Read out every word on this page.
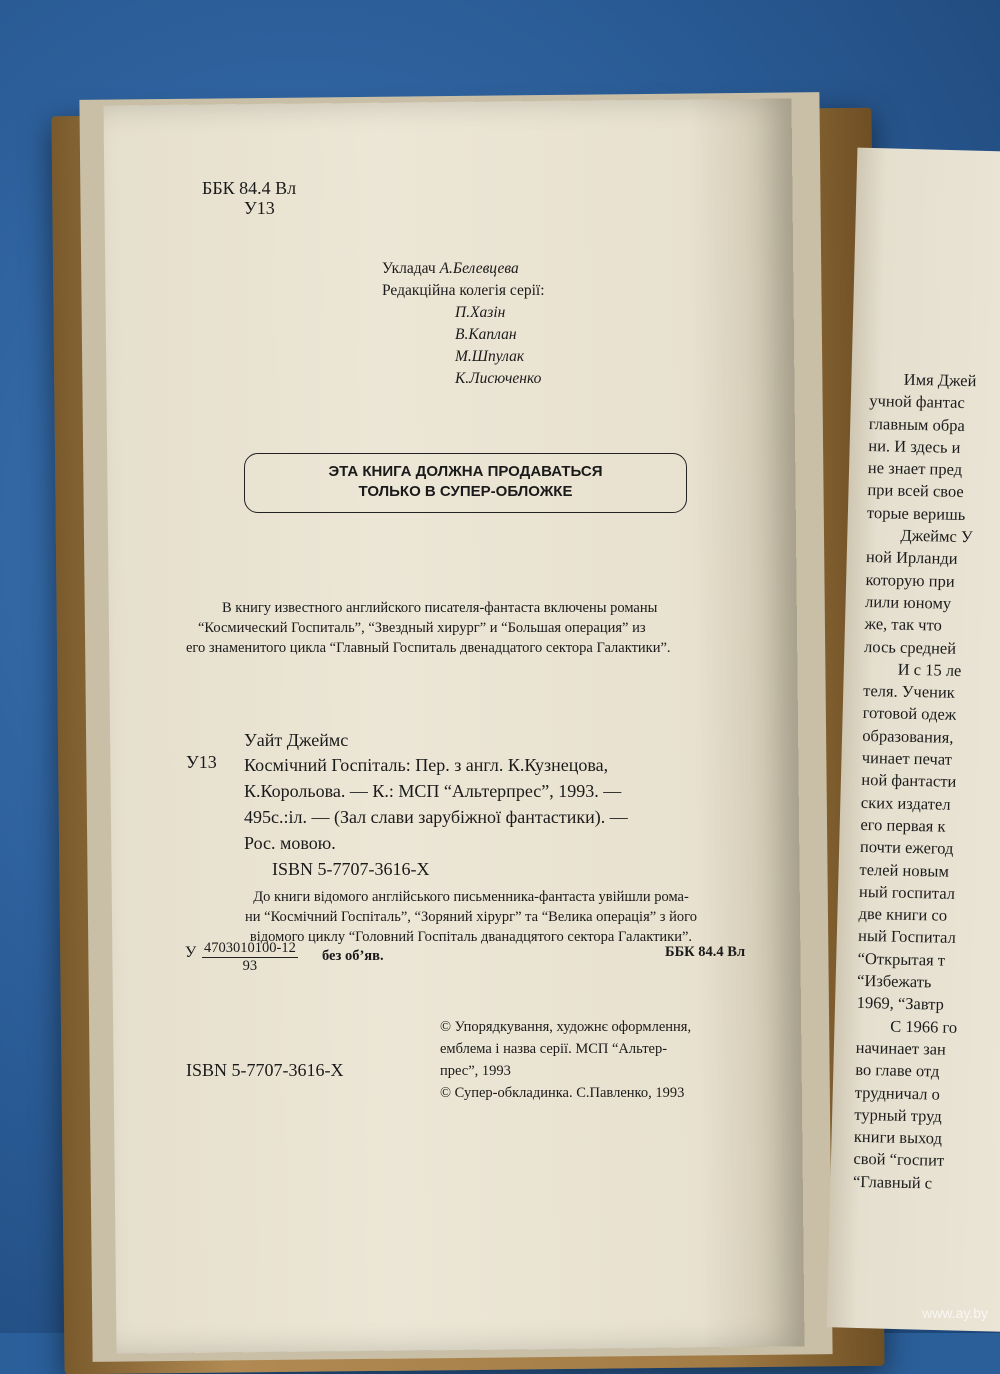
ББК 84.4 Вл
У13
Укладач А.Белевцева
Редакційна колегія серії:
П.Хазін
В.Каплан
М.Шпулак
К.Лисюченко
ЭТА КНИГА ДОЛЖНА ПРОДАВАТЬСЯ
ТОЛЬКО В СУПЕР-ОБЛОЖКЕ
В книгу известного английского писателя-фантаста включены романы
“Космический Госпиталь”, “Звездный хирург” и “Большая операция” из
его знаменитого цикла “Главный Госпиталь двенадцатого сектора Галактики”.
Уайт Джеймс
У13 Космічний Госпіталь: Пер. з англ. К.Кузнецова,
К.Корольова. — К.: МСП “Альтерпрес”, 1993. —
495с.:іл. — (Зал слави зарубіжної фантастики). —
Рос. мовою.
ISBN 5-7707-3616-X
До книги відомого англійського письменника-фантаста увійшли рома-
ни “Космічний Госпіталь”, “Зоряний хірург” та “Велика операція” з його
відомого циклу “Головний Госпіталь дванадцятого сектора Галактики”.
У $\frac{4703010100-12}{93}$ без об’яв.	ББК 84.4 Вл
© Упорядкування, художнє оформлення,
емблема і назва серії. МСП “Альтер-
прес”, 1993
© Супер-обкладинка. С.Павленко, 1993
ISBN 5-7707-3616-X
Имя Джей
учной фантас
главным обра
ни. И здесь и
не знает пред
при всей свое
торые веришь
Джеймс У
ной Ирланди
которую при
лили юному
же, так что
лось средней
И с 15 ле
теля. Ученик
готовой одеж
образования,
чинает печат
ной фантасти
ских издател
его первая к
почти ежегод
телей новым
ный госпитал
две книги со
ный Госпитал
“Открытая т
“Избежать
1969, “Завтр
С 1966 го
начинает зан
во главе отд
трудничал о
турный труд
книги выход
свой “госпит
“Главный с
www.ay.by
